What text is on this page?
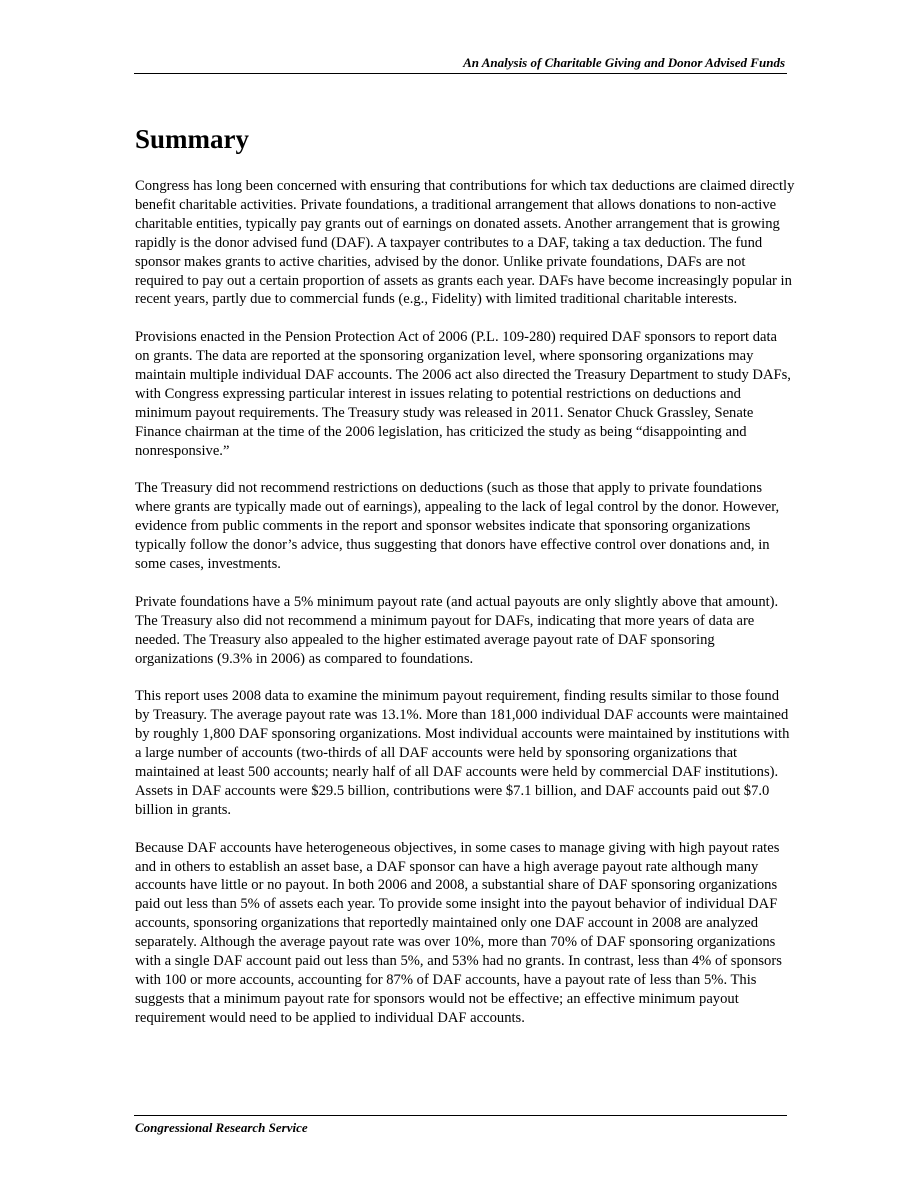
An Analysis of Charitable Giving and Donor Advised Funds
Summary

Congress has long been concerned with ensuring that contributions for which tax deductions are claimed directly benefit charitable activities. Private foundations, a traditional arrangement that allows donations to non-active charitable entities, typically pay grants out of earnings on donated assets. Another arrangement that is growing rapidly is the donor advised fund (DAF). A taxpayer contributes to a DAF, taking a tax deduction. The fund sponsor makes grants to active charities, advised by the donor. Unlike private foundations, DAFs are not required to pay out a certain proportion of assets as grants each year. DAFs have become increasingly popular in recent years, partly due to commercial funds (e.g., Fidelity) with limited traditional charitable interests.

Provisions enacted in the Pension Protection Act of 2006 (P.L. 109-280) required DAF sponsors to report data on grants. The data are reported at the sponsoring organization level, where sponsoring organizations may maintain multiple individual DAF accounts. The 2006 act also directed the Treasury Department to study DAFs, with Congress expressing particular interest in issues relating to potential restrictions on deductions and minimum payout requirements. The Treasury study was released in 2011. Senator Chuck Grassley, Senate Finance chairman at the time of the 2006 legislation, has criticized the study as being “disappointing and nonresponsive.”

The Treasury did not recommend restrictions on deductions (such as those that apply to private foundations where grants are typically made out of earnings), appealing to the lack of legal control by the donor. However, evidence from public comments in the report and sponsor websites indicate that sponsoring organizations typically follow the donor’s advice, thus suggesting that donors have effective control over donations and, in some cases, investments.

Private foundations have a 5% minimum payout rate (and actual payouts are only slightly above that amount). The Treasury also did not recommend a minimum payout for DAFs, indicating that more years of data are needed. The Treasury also appealed to the higher estimated average payout rate of DAF sponsoring organizations (9.3% in 2006) as compared to foundations.

This report uses 2008 data to examine the minimum payout requirement, finding results similar to those found by Treasury. The average payout rate was 13.1%. More than 181,000 individual DAF accounts were maintained by roughly 1,800 DAF sponsoring organizations. Most individual accounts were maintained by institutions with a large number of accounts (two-thirds of all DAF accounts were held by sponsoring organizations that maintained at least 500 accounts; nearly half of all DAF accounts were held by commercial DAF institutions). Assets in DAF accounts were $29.5 billion, contributions were $7.1 billion, and DAF accounts paid out $7.0 billion in grants.

Because DAF accounts have heterogeneous objectives, in some cases to manage giving with high payout rates and in others to establish an asset base, a DAF sponsor can have a high average payout rate although many accounts have little or no payout. In both 2006 and 2008, a substantial share of DAF sponsoring organizations paid out less than 5% of assets each year. To provide some insight into the payout behavior of individual DAF accounts, sponsoring organizations that reportedly maintained only one DAF account in 2008 are analyzed separately. Although the average payout rate was over 10%, more than 70% of DAF sponsoring organizations with a single DAF account paid out less than 5%, and 53% had no grants. In contrast, less than 4% of sponsors with 100 or more accounts, accounting for 87% of DAF accounts, have a payout rate of less than 5%. This suggests that a minimum payout rate for sponsors would not be effective; an effective minimum payout requirement would need to be applied to individual DAF accounts.

Congressional Research Service
